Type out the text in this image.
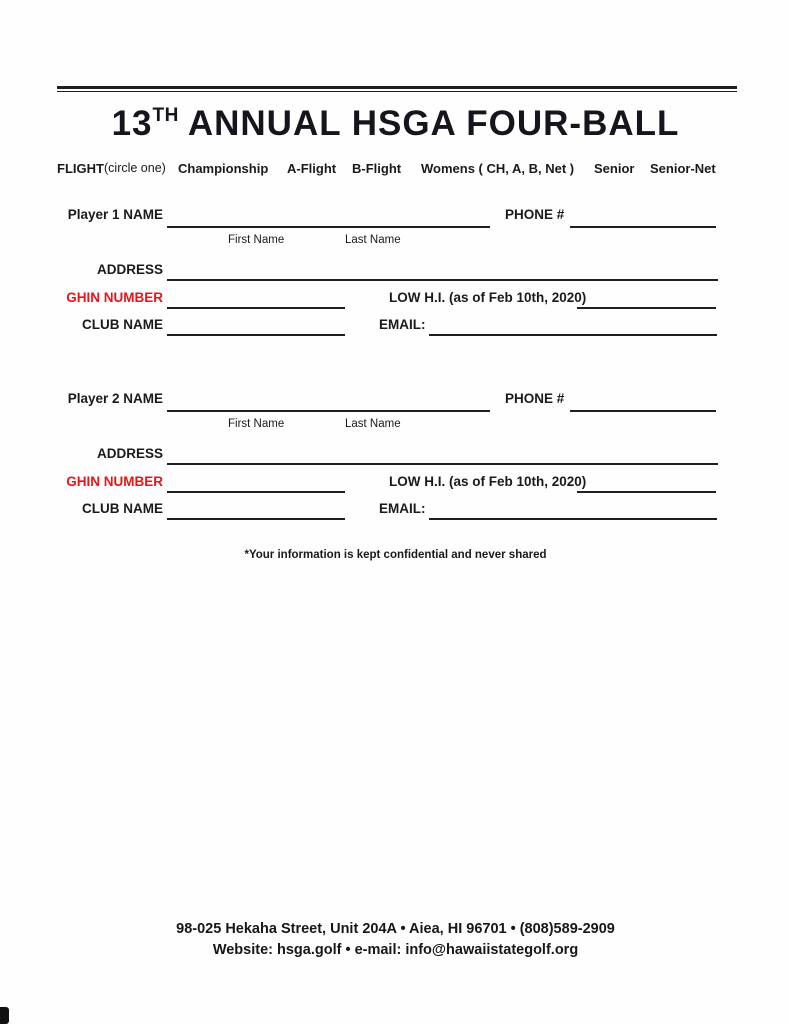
13TH ANNUAL HSGA FOUR-BALL
FLIGHT (circle one) Championship A-Flight B-Flight Womens ( CH, A, B, Net ) Senior Senior-Net
Player 1 NAME	PHONE #
First Name	Last Name
ADDRESS
GHIN NUMBER	LOW H.I. (as of Feb 10th, 2020)
CLUB NAME	EMAIL:
Player 2 NAME	PHONE #
First Name	Last Name
ADDRESS
GHIN NUMBER	LOW H.I. (as of Feb 10th, 2020)
CLUB NAME	EMAIL:
*Your information is kept confidential and never shared
98-025 Hekaha Street, Unit 204A • Aiea, HI 96701 • (808)589-2909
Website: hsga.golf • e-mail: info@hawaiistategolf.org
